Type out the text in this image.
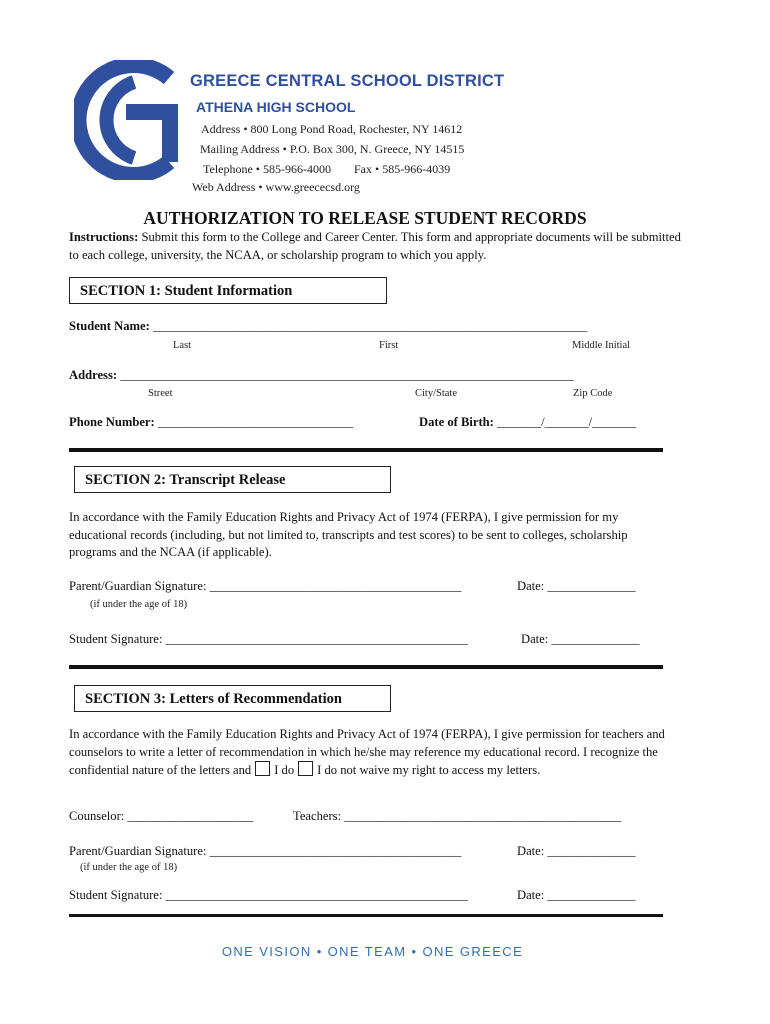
GREECE CENTRAL SCHOOL DISTRICT
ATHENA HIGH SCHOOL
Address • 800 Long Pond Road, Rochester, NY 14612
Mailing Address • P.O. Box 300, N. Greece, NY 14515
Telephone • 585-966-4000 Fax • 585-966-4039
Web Address • www.greececsd.org
AUTHORIZATION TO RELEASE STUDENT RECORDS
Instructions: Submit this form to the College and Career Center. This form and appropriate documents will be submitted to each college, university, the NCAA, or scholarship program to which you apply.
SECTION 1: Student Information
Student Name: _____________________________________________________________________
Last	First	Middle Initial
Address: ________________________________________________________________________
Street	City/State	Zip Code
Phone Number: _______________________________	Date of Birth: _______/_______/_______
SECTION 2: Transcript Release
In accordance with the Family Education Rights and Privacy Act of 1974 (FERPA), I give permission for my educational records (including, but not limited to, transcripts and test scores) to be sent to colleges, scholarship programs and the NCAA (if applicable).
Parent/Guardian Signature: ________________________________________	Date: ______________
(if under the age of 18)
Student Signature: ________________________________________________	Date: ______________
SECTION 3: Letters of Recommendation
In accordance with the Family Education Rights and Privacy Act of 1974 (FERPA), I give permission for teachers and counselors to write a letter of recommendation in which he/she may reference my educational record. I recognize the confidential nature of the letters and I do I do not waive my right to access my letters.
Counselor: ____________________	Teachers: ____________________________________________
Parent/Guardian Signature: ________________________________________	Date: ______________
(if under the age of 18)
Student Signature: ________________________________________________	Date: ______________
ONE VISION • ONE TEAM • ONE GREECE
